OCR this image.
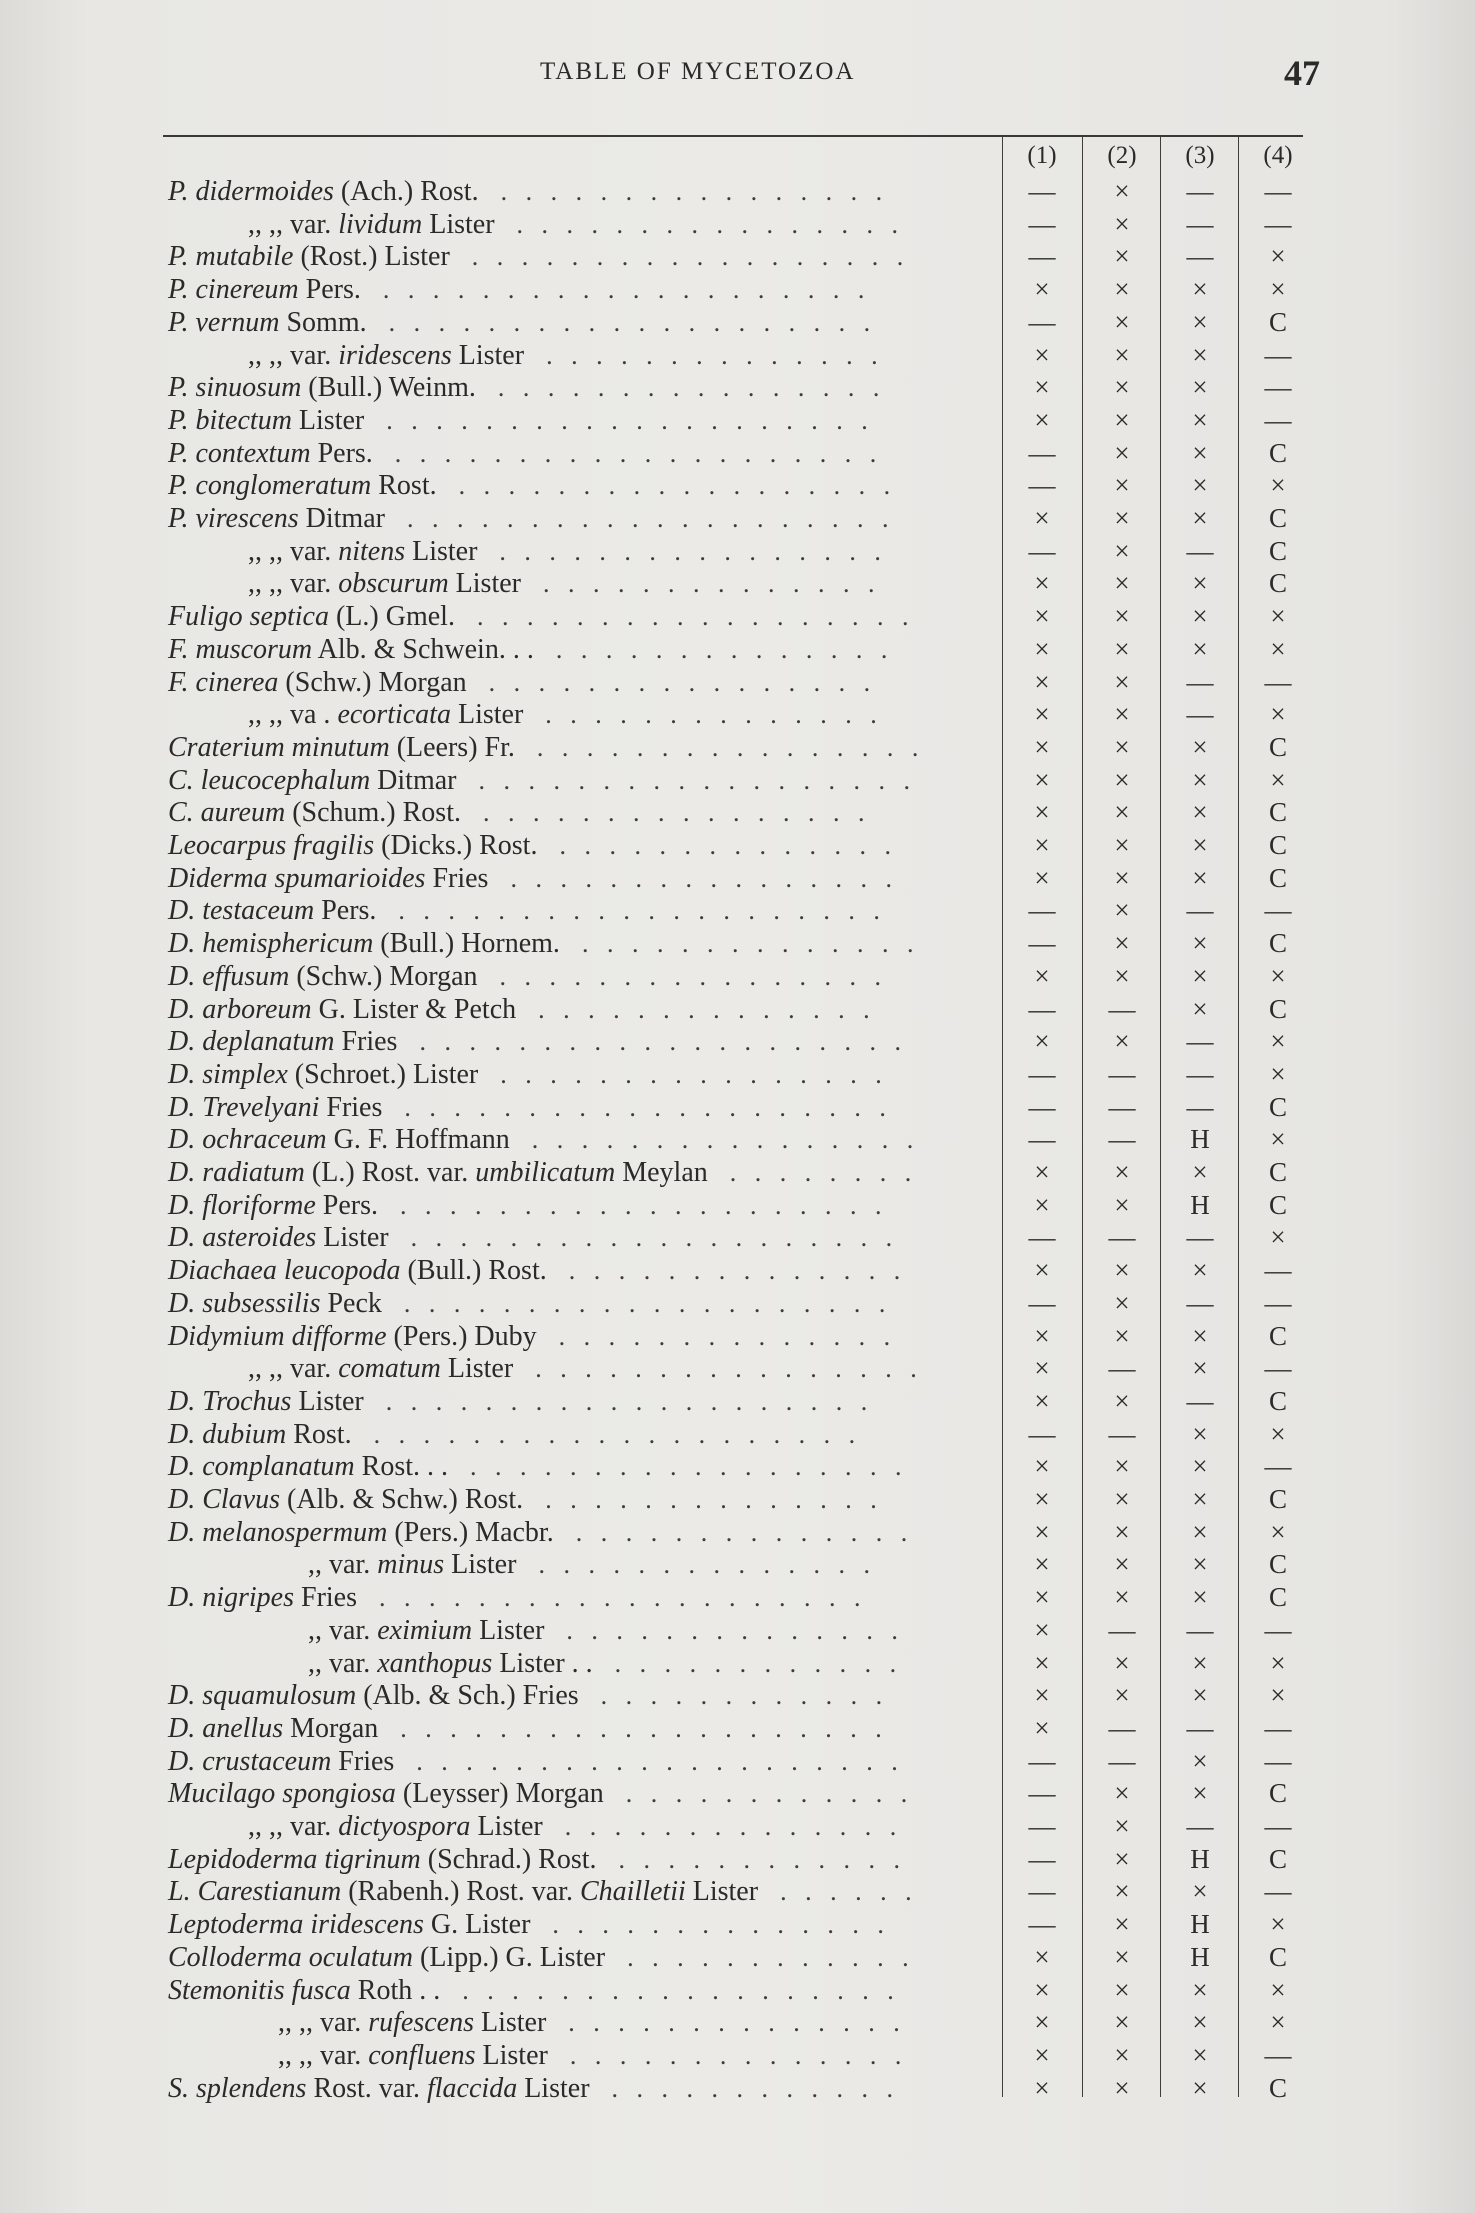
TABLE OF MYCETOZOA	47
(1)	(2)	(3)	(4)
P. didermoides (Ach.) Rost. . . . . . . . . . . . . . . . .	—	×	—	—
,, ,, var. lividum Lister . . . . . . . . . . . . . . . .	—	×	—	—
P. mutabile (Rost.) Lister . . . . . . . . . . . . . . . . . .	—	×	—	×
P. cinereum Pers. . . . . . . . . . . . . . . . . . . . .	×	×	×	×
P. vernum Somm. . . . . . . . . . . . . . . . . . . . .	—	×	×	C
,, ,, var. iridescens Lister . . . . . . . . . . . . . .	×	×	×	—
P. sinuosum (Bull.) Weinm. . . . . . . . . . . . . . . . .	×	×	×	—
P. bitectum Lister . . . . . . . . . . . . . . . . . . . .	×	×	×	—
P. contextum Pers. . . . . . . . . . . . . . . . . . . . .	—	×	×	C
P. conglomeratum Rost. . . . . . . . . . . . . . . . . . .	—	×	×	×
P. virescens Ditmar . . . . . . . . . . . . . . . . . . . .	×	×	×	C
,, ,, var. nitens Lister . . . . . . . . . . . . . . . .	—	×	—	C
,, ,, var. obscurum Lister . . . . . . . . . . . . . .	×	×	×	C
Fuligo septica (L.) Gmel. . . . . . . . . . . . . . . . . . .	×	×	×	×
F. muscorum Alb. & Schwein. . . . . . . . . . . . . . . . .	×	×	×	×
F. cinerea (Schw.) Morgan . . . . . . . . . . . . . . . .	×	×	—	—
,, ,, va . ecorticata Lister . . . . . . . . . . . . . .	×	×	—	×
Craterium minutum (Leers) Fr. . . . . . . . . . . . . . . . .	×	×	×	C
C. leucocephalum Ditmar . . . . . . . . . . . . . . . . . .	×	×	×	×
C. aureum (Schum.) Rost. . . . . . . . . . . . . . . . .	×	×	×	C
Leocarpus fragilis (Dicks.) Rost. . . . . . . . . . . . . . .	×	×	×	C
Diderma spumarioides Fries . . . . . . . . . . . . . . . .	×	×	×	C
D. testaceum Pers. . . . . . . . . . . . . . . . . . . . .	—	×	—	—
D. hemisphericum (Bull.) Hornem. . . . . . . . . . . . . . .	—	×	×	C
D. effusum (Schw.) Morgan . . . . . . . . . . . . . . . .	×	×	×	×
D. arboreum G. Lister & Petch . . . . . . . . . . . . . .	—	—	×	C
D. deplanatum Fries . . . . . . . . . . . . . . . . . . . .	×	×	—	×
D. simplex (Schroet.) Lister . . . . . . . . . . . . . . . .	—	—	—	×
D. Trevelyani Fries . . . . . . . . . . . . . . . . . . . .	—	—	—	C
D. ochraceum G. F. Hoffmann . . . . . . . . . . . . . . . .	—	—	H	×
D. radiatum (L.) Rost. var. umbilicatum Meylan . . . . . . . .	×	×	×	C
D. floriforme Pers. . . . . . . . . . . . . . . . . . . . .	×	×	H	C
D. asteroides Lister . . . . . . . . . . . . . . . . . . . .	—	—	—	×
Diachaea leucopoda (Bull.) Rost. . . . . . . . . . . . . . .	×	×	×	—
D. subsessilis Peck . . . . . . . . . . . . . . . . . . . .	—	×	—	—
Didymium difforme (Pers.) Duby . . . . . . . . . . . . . .	×	×	×	C
,, ,, var. comatum Lister . . . . . . . . . . . . . . . .	×	—	×	—
D. Trochus Lister . . . . . . . . . . . . . . . . . . . .	×	×	—	C
D. dubium Rost. . . . . . . . . . . . . . . . . . . . .	—	—	×	×
D. complanatum Rost. . . . . . . . . . . . . . . . . . . . .	×	×	×	—
D. Clavus (Alb. & Schw.) Rost. . . . . . . . . . . . . . .	×	×	×	C
D. melanospermum (Pers.) Macbr. . . . . . . . . . . . . . .	×	×	×	×
,, var. minus Lister . . . . . . . . . . . . . .	×	×	×	C
D. nigripes Fries . . . . . . . . . . . . . . . . . . . .	×	×	×	C
,, var. eximium Lister . . . . . . . . . . . . . .	×	—	—	—
,, var. xanthopus Lister . . . . . . . . . . . . . .	×	×	×	×
D. squamulosum (Alb. & Sch.) Fries . . . . . . . . . . . .	×	×	×	×
D. anellus Morgan . . . . . . . . . . . . . . . . . . . .	×	—	—	—
D. crustaceum Fries . . . . . . . . . . . . . . . . . . . .	—	—	×	—
Mucilago spongiosa (Leysser) Morgan . . . . . . . . . . . .	—	×	×	C
,, ,, var. dictyospora Lister . . . . . . . . . . . . . .	—	×	—	—
Lepidoderma tigrinum (Schrad.) Rost. . . . . . . . . . . . .	—	×	H	C
L. Carestianum (Rabenh.) Rost. var. Chailletii Lister . . . . . .	—	×	×	—
Leptoderma iridescens G. Lister . . . . . . . . . . . . . .	—	×	H	×
Colloderma oculatum (Lipp.) G. Lister . . . . . . . . . . . .	×	×	H	C
Stemonitis fusca Roth . . . . . . . . . . . . . . . . . . . .	×	×	×	×
,, ,, var. rufescens Lister . . . . . . . . . . . . . .	×	×	×	×
,, ,, var. confluens Lister . . . . . . . . . . . . . .	×	×	×	—
S. splendens Rost. var. flaccida Lister . . . . . . . . . . . .	×	×	×	C
